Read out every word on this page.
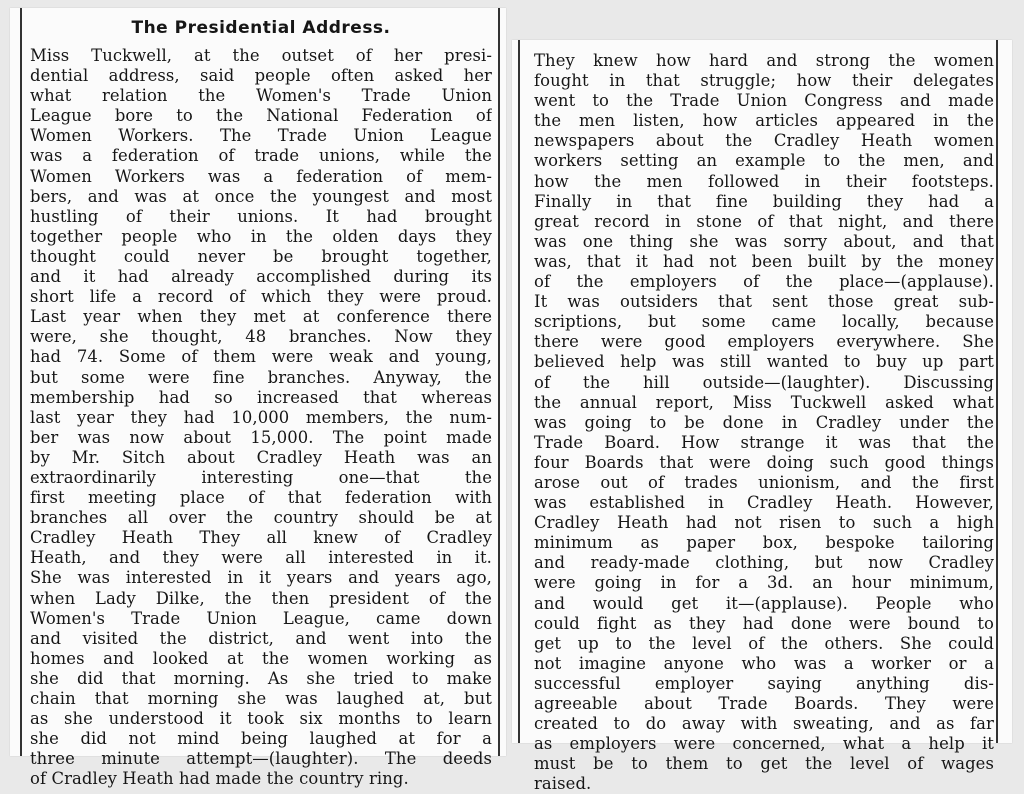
The Presidential Address.
Miss Tuckwell, at the outset of her presi-
dential address, said people often asked her
what relation the Women's Trade Union
League bore to the National Federation of
Women Workers. The Trade Union League
was a federation of trade unions, while the
Women Workers was a federation of mem-
bers, and was at once the youngest and most
hustling of their unions. It had brought
together people who in the olden days they
thought could never be brought together,
and it had already accomplished during its
short life a record of which they were proud.
Last year when they met at conference there
were, she thought, 48 branches. Now they
had 74. Some of them were weak and young,
but some were fine branches. Anyway, the
membership had so increased that whereas
last year they had 10,000 members, the num-
ber was now about 15,000. The point made
by Mr. Sitch about Cradley Heath was an
extraordinarily interesting one—that the
first meeting place of that federation with
branches all over the country should be at
Cradley Heath They all knew of Cradley
Heath, and they were all interested in it.
She was interested in it years and years ago,
when Lady Dilke, the then president of the
Women's Trade Union League, came down
and visited the district, and went into the
homes and looked at the women working as
she did that morning. As she tried to make
chain that morning she was laughed at, but
as she understood it took six months to learn
she did not mind being laughed at for a
three minute attempt—(laughter). The deeds
of Cradley Heath had made the country ring.
They knew how hard and strong the women
fought in that struggle; how their delegates
went to the Trade Union Congress and made
the men listen, how articles appeared in the
newspapers about the Cradley Heath women
workers setting an example to the men, and
how the men followed in their footsteps.
Finally in that fine building they had a
great record in stone of that night, and there
was one thing she was sorry about, and that
was, that it had not been built by the money
of the employers of the place—(applause).
It was outsiders that sent those great sub-
scriptions, but some came locally, because
there were good employers everywhere. She
believed help was still wanted to buy up part
of the hill outside—(laughter). Discussing
the annual report, Miss Tuckwell asked what
was going to be done in Cradley under the
Trade Board. How strange it was that the
four Boards that were doing such good things
arose out of trades unionism, and the first
was established in Cradley Heath. However,
Cradley Heath had not risen to such a high
minimum as paper box, bespoke tailoring
and ready-made clothing, but now Cradley
were going in for a 3d. an hour minimum,
and would get it—(applause). People who
could fight as they had done were bound to
get up to the level of the others. She could
not imagine anyone who was a worker or a
successful employer saying anything dis-
agreeable about Trade Boards. They were
created to do away with sweating, and as far
as employers were concerned, what a help it
must be to them to get the level of wages
raised.
